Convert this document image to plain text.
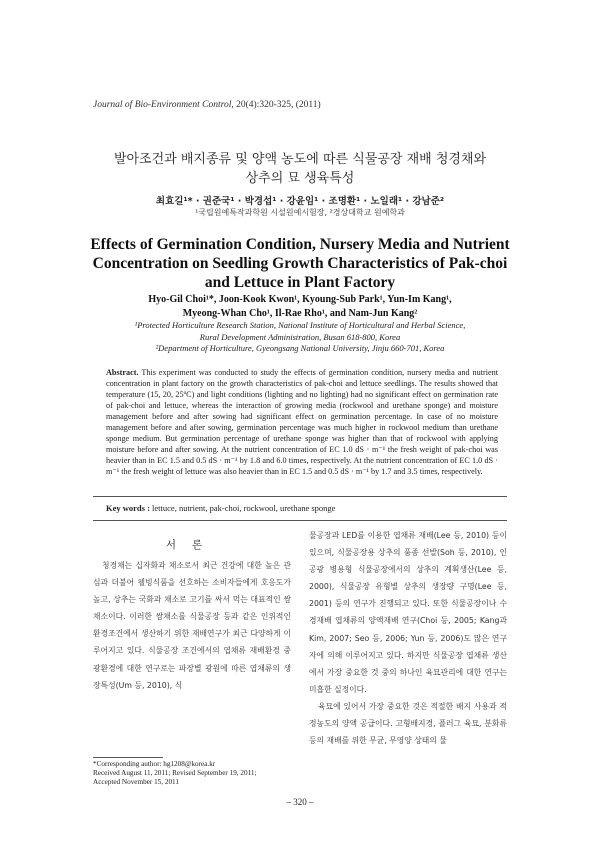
Journal of Bio-Environment Control, 20(4):320-325, (2011)
발아조건과 배지종류 및 양액 농도에 따른 식물공장 재배 청경채와
상추의 묘 생육특성
최효길¹* · 권준국¹ · 박경섭¹ · 강윤임¹ · 조명환¹ · 노일래¹ · 강남준²
¹국립원예특작과학원 시설원예시험장, ²경상대학교 원예학과
Effects of Germination Condition, Nursery Media and Nutrient
Concentration on Seedling Growth Characteristics of Pak-choi
and Lettuce in Plant Factory
Hyo-Gil Choi¹*, Joon-Kook Kwon¹, Kyoung-Sub Park¹, Yun-Im Kang¹,
Myeong-Whan Cho¹, Il-Rae Rho¹, and Nam-Jun Kang²
¹Protected Horticulture Research Station, National Institute of Horticultural and Herbal Science,
Rural Development Administration, Busan 618-800, Korea
²Department of Horticulture, Gyeongsang National University, Jinju 660-701, Korea
Abstract. This experiment was conducted to study the effects of germination condition, nursery media and nutrient concentration in plant factory on the growth characteristics of pak-choi and lettuce seedlings. The results showed that temperature (15, 20, 25ºC) and light conditions (lighting and no lighting) had no significant effect on germination rate of pak-choi and lettuce, whereas the interaction of growing media (rockwool and urethane sponge) and moisture management before and after sowing had significant effect on germination percentage. In case of no moisture management before and after sowing, germination percentage was much higher in rockwool medium than urethane sponge medium. But germination percentage of urethane sponge was higher than that of rockwool with applying moisture before and after sowing. At the nutrient concentration of EC 1.0 dS · m⁻¹ the fresh weight of pak-choi was heavier than in EC 1.5 and 0.5 dS · m⁻¹ by 1.8 and 6.0 times, respectively. At the nutrient concentration of EC 1.0 dS · m⁻¹ the fresh weight of lettuce was also heavier than in EC 1.5 and 0.5 dS · m⁻¹ by 1.7 and 3.5 times, respectively.
Key words : lettuce, nutrient, pak-choi, rockwool, urethane sponge
서론

청경채는 십자화과 채소로서 최근 건강에 대한 높은 관심과 더불어 웰빙식품을 선호하는 소비자들에게 호응도가 높고, 상추는 국화과 채소로 고기를 싸서 먹는 대표적인 쌈채소이다. 이러한 쌈채소를 식물공장 등과 같은 인위적인 환경조건에서 생산하기 위한 재배연구가 최근 다양하게 이루어지고 있다. 식물공장 조건에서의 엽채류 재배환경 중 광환경에 대한 연구로는 파장별 광원에 따른 엽채류의 생장특성(Um 등, 2010), 식

물공장과 LED를 이용한 엽채류 재배(Lee 등, 2010) 등이 있으며, 식물공장용 상추의 품종 선발(Soh 등, 2010), 인공광 병용형 식물공장에서의 상추의 계획생산(Lee 등, 2000), 식물공장 유형별 상추의 생장량 구명(Lee 등, 2001) 등의 연구가 진행되고 있다. 또한 식물공장이나 수경재배 엽채류의 양액재배 연구(Choi 등, 2005; Kang과 Kim, 2007; Seo 등, 2006; Yun 등, 2006)도 많은 연구자에 의해 이루어지고 있다. 하지만 식물공장 엽채류 생산에서 가장 중요한 것 중의 하나인 육묘관리에 대한 연구는 미흡한 실정이다.

육묘에 있어서 가장 중요한 것은 적절한 배지 사용과 적정농도의 양액 공급이다. 고형배지경, 플러그 육묘, 분화류 등의 재배를 위한 무균, 무영양 상태의 물

*Corresponding author: hg1208@korea.kr
Received August 11, 2011; Revised September 19, 2011;
Accepted November 15, 2011
– 320 –
